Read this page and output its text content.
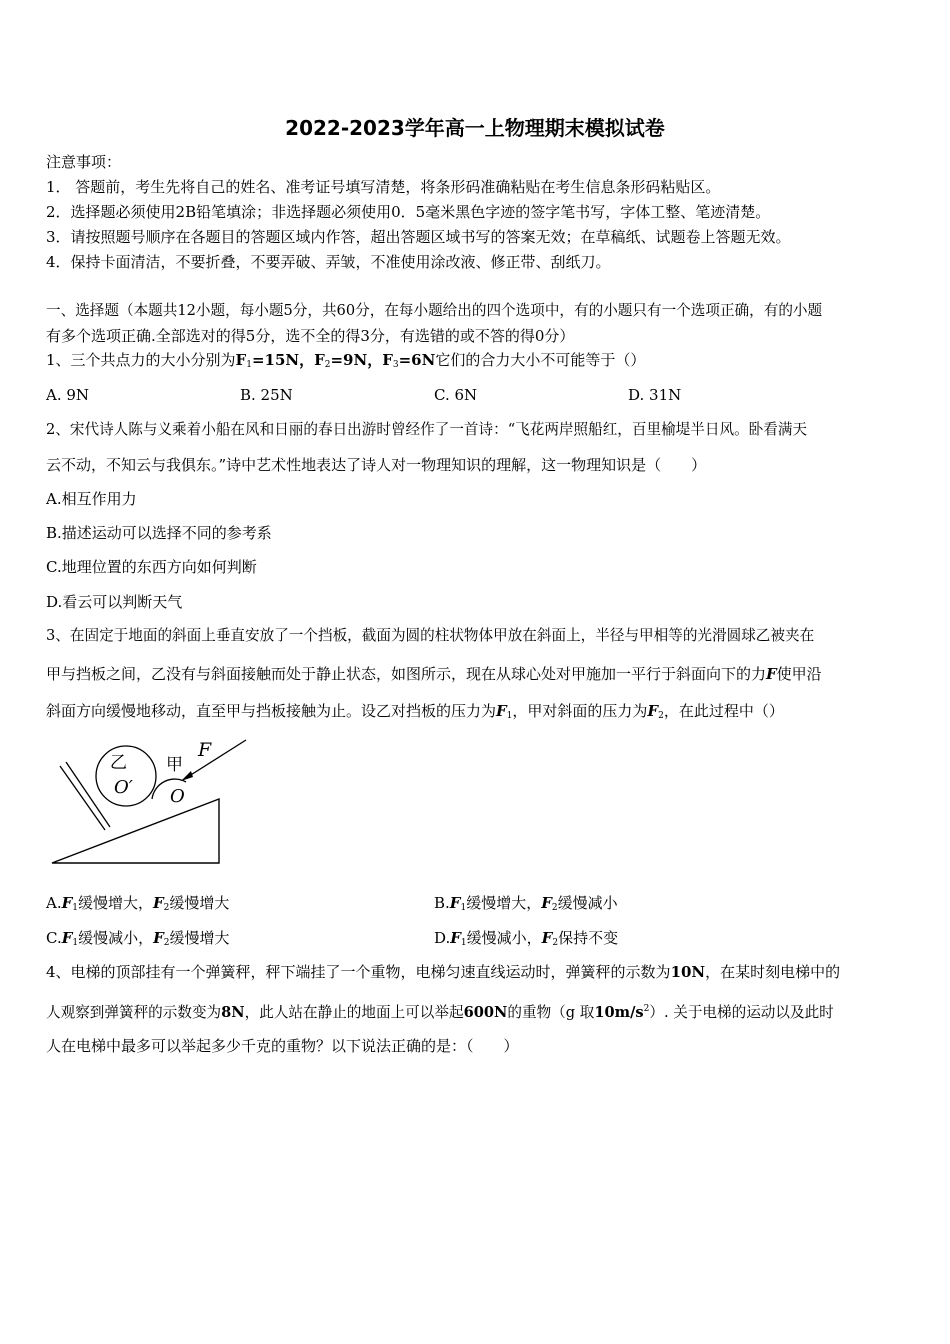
2022-2023学年高一上物理期末模拟试卷
注意事项：
1． 答题前，考生先将自己的姓名、准考证号填写清楚，将条形码准确粘贴在考生信息条形码粘贴区。
2．选择题必须使用2B铅笔填涂；非选择题必须使用0．5毫米黑色字迹的签字笔书写，字体工整、笔迹清楚。
3．请按照题号顺序在各题目的答题区域内作答，超出答题区域书写的答案无效；在草稿纸、试题卷上答题无效。
4．保持卡面清洁，不要折叠，不要弄破、弄皱，不准使用涂改液、修正带、刮纸刀。
一、选择题（本题共12小题，每小题5分，共60分，在每小题给出的四个选项中，有的小题只有一个选项正确，有的小题
有多个选项正确.全部选对的得5分，选不全的得3分，有选错的或不答的得0分）
1、三个共点力的大小分别为$F_1=15N$，$F_2=9N$，$F_3=6N$它们的合力大小不可能等于（）
A. 9N	B. 25N	C. 6N	D. 31N
2、宋代诗人陈与义乘着小船在风和日丽的春日出游时曾经作了一首诗：“飞花两岸照船红，百里榆堤半日风。卧看满天
云不动，不知云与我俱东。”诗中艺术性地表达了诗人对一物理知识的理解，这一物理知识是（　　）
A.相互作用力
B.描述运动可以选择不同的参考系
C.地理位置的东西方向如何判断
D.看云可以判断天气
3、在固定于地面的斜面上垂直安放了一个挡板，截面为圆的柱状物体甲放在斜面上，半径与甲相等的光滑圆球乙被夹在
甲与挡板之间，乙没有与斜面接触而处于静止状态，如图所示，现在从球心处对甲施加一平行于斜面向下的力F使甲沿
斜面方向缓慢地移动，直至甲与挡板接触为止。设乙对挡板的压力为$F_1$，甲对斜面的压力为$F_2$，在此过程中（）
乙
O′
甲
O
F
$A.F_1$缓慢增大，$F_2$缓慢增大	$B.F_1$缓慢增大，$F_2$缓慢减小
$C.F_1$缓慢减小，$F_2$缓慢增大	$D.F_1$缓慢减小，$F_2$保持不变
4、电梯的顶部挂有一个弹簧秤，秤下端挂了一个重物，电梯匀速直线运动时，弹簧秤的示数为10N，在某时刻电梯中的
人观察到弹簧秤的示数变为8N，此人站在静止的地面上可以举起600N的重物（g 取$10m/s^2$）. 关于电梯的运动以及此时
人在电梯中最多可以举起多少千克的重物？以下说法正确的是：（　　）
